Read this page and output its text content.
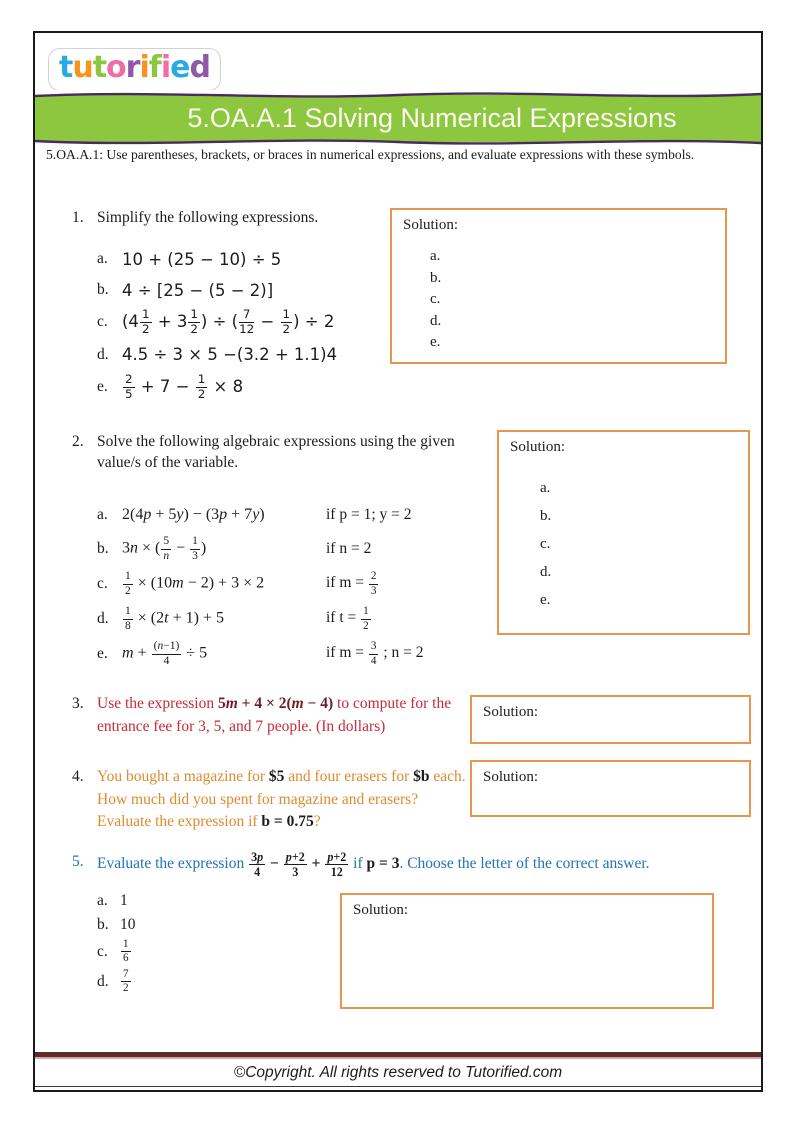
tutorified
5.OA.A.1 Solving Numerical Expressions
5.OA.A.1: Use parentheses, brackets, or braces in numerical expressions, and evaluate expressions with these symbols.
1. Simplify the following expressions.
a. 10 + (25 − 10) ÷ 5
b. 4 ÷ [25 − (5 − 2)]
c. ($4 \frac{1}{2} + 3 \frac{1}{2}$ ) ÷ ( $\frac{7}{12} - \frac{1}{2}$ ) ÷ 2
d. 4.5 ÷ 3 × 5 −(3.2 + 1.1)4
e.	$\frac{2}{5} + 7 - \frac{1}{2} \times 8$
Solution:
a.
b.
c.
d.
e.
2. Solve the following algebraic expressions using the given value/s of the variable.
a. 2(4p + 5y) − (3p + 7y)	if p = 1; y = 2
b. 3n × ( $\frac{5}{n} - \frac{1}{3}$ )	if n = 2
c.	$\frac{1}{2} \times (10m - 2) + 3 \times 2$	if $m = \frac{2}{3}$
d.	$\frac{1}{8} \times (2t + 1) + 5$	if $t = \frac{1}{2}$
e. $m + \frac{(n-1)}{4} \div 5$	if $m = \frac{3}{4}$ ; n = 2
Solution:
a.
b.
c.
d.
e.
3. Use the expression 5m + 4 × 2(m − 4) to compute for the entrance fee for 3, 5, and 7 people. (In dollars)
Solution:
4. You bought a magazine for $5 and four erasers for $b each. How much did you spent for magazine and erasers? Evaluate the expression if b = 0.75?
Solution:
5. Evaluate the expression $\frac{3p}{4} - \frac{p+2}{3} + \frac{p+2}{12}$ if p = 3. Choose the letter of the correct answer.
a. 1
b. 10
c.	$\frac{1}{6}$
d.	$\frac{7}{2}$
Solution:
©Copyright. All rights reserved to Tutorified.com
